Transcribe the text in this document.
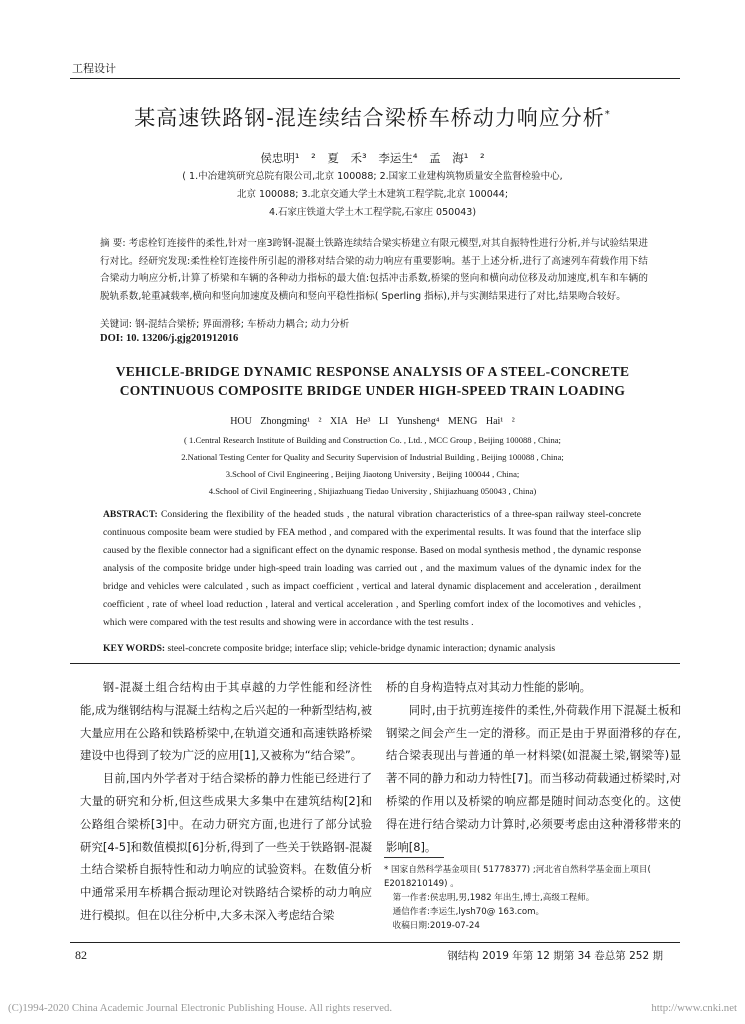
工程设计
某高速铁路钢-混连续结合梁桥车桥动力响应分析*
侯忠明¹ ² 夏 禾³ 李运生⁴ 孟 海¹ ²
( 1.中冶建筑研究总院有限公司,北京 100088; 2.国家工业建构筑物质量安全监督检验中心,
北京 100088; 3.北京交通大学土木建筑工程学院,北京 100044;
4.石家庄铁道大学土木工程学院,石家庄 050043)
摘 要: 考虑栓钉连接件的柔性,针对一座3跨钢-混凝土铁路连续结合梁实桥建立有限元模型,对其自振特性进行分析,并与试验结果进行对比。经研究发现:柔性栓钉连接件所引起的滑移对结合梁的动力响应有重要影响。基于上述分析,进行了高速列车荷载作用下结合梁动力响应分析,计算了桥梁和车辆的各种动力指标的最大值:包括冲击系数,桥梁的竖向和横向动位移及动加速度,机车和车辆的脱轨系数,轮重减载率,横向和竖向加速度及横向和竖向平稳性指标( Sperling 指标),并与实测结果进行了对比,结果吻合较好。
关键词: 钢-混结合梁桥; 界面滑移; 车桥动力耦合; 动力分析
DOI: 10. 13206/j.gjg201912016
VEHICLE-BRIDGE DYNAMIC RESPONSE ANALYSIS OF A STEEL-CONCRETE
CONTINUOUS COMPOSITE BRIDGE UNDER HIGH-SPEED TRAIN LOADING
HOU Zhongming¹ ² XIA He³ LI Yunsheng⁴ MENG Hai¹ ²
( 1.Central Research Institute of Building and Construction Co. , Ltd. , MCC Group , Beijing 100088 , China;
2.National Testing Center for Quality and Security Supervision of Industrial Building , Beijing 100088 , China;
3.School of Civil Engineering , Beijing Jiaotong University , Beijing 100044 , China;
4.School of Civil Engineering , Shijiazhuang Tiedao University , Shijiazhuang 050043 , China)
ABSTRACT: Considering the flexibility of the headed studs , the natural vibration characteristics of a three-span railway steel-concrete continuous composite beam were studied by FEA method , and compared with the experimental results. It was found that the interface slip caused by the flexible connector had a significant effect on the dynamic response. Based on modal synthesis method , the dynamic response analysis of the composite bridge under high-speed train loading was carried out , and the maximum values of the dynamic index for the bridge and vehicles were calculated , such as impact coefficient , vertical and lateral dynamic displacement and acceleration , derailment coefficient , rate of wheel load reduction , lateral and vertical acceleration , and Sperling comfort index of the locomotives and vehicles , which were compared with the test results and showing were in accordance with the test results .
KEY WORDS: steel-concrete composite bridge; interface slip; vehicle-bridge dynamic interaction; dynamic analysis

钢-混凝土组合结构由于其卓越的力学性能和经济性能,成为继钢结构与混凝土结构之后兴起的一种新型结构,被大量应用在公路和铁路桥梁中,在轨道交通和高速铁路桥梁建设中也得到了较为广泛的应用[1],又被称为“结合梁”。

目前,国内外学者对于结合梁桥的静力性能已经进行了大量的研究和分析,但这些成果大多集中在建筑结构[2]和公路组合梁桥[3]中。在动力研究方面,也进行了部分试验研究[4-5]和数值模拟[6]分析,得到了一些关于铁路钢-混凝土结合梁桥自振特性和动力响应的试验资料。在数值分析中通常采用车桥耦合振动理论对铁路结合梁桥的动力响应进行模拟。但在以往分析中,大多未深入考虑结合梁

桥的自身构造特点对其动力性能的影响。

同时,由于抗剪连接件的柔性,外荷载作用下混凝土板和钢梁之间会产生一定的滑移。而正是由于界面滑移的存在,结合梁表现出与普通的单一材料梁(如混凝土梁,钢梁等)显著不同的静力和动力特性[7]。而当移动荷载通过桥梁时,对桥梁的作用以及桥梁的响应都是随时间动态变化的。这使得在进行结合梁动力计算时,必须要考虑由这种滑移带来的影响[8]。

* 国家自然科学基金项目( 51778377) ;河北省自然科学基金面上项目( E2018210149) 。
第一作者:侯忠明,男,1982 年出生,博士,高级工程师。
通信作者:李运生,lysh70@ 163.com。
收稿日期:2019-07-24
82	钢结构 2019 年第 12 期第 34 卷总第 252 期
(C)1994-2020 China Academic Journal Electronic Publishing House. All rights reserved.	http://www.cnki.net
